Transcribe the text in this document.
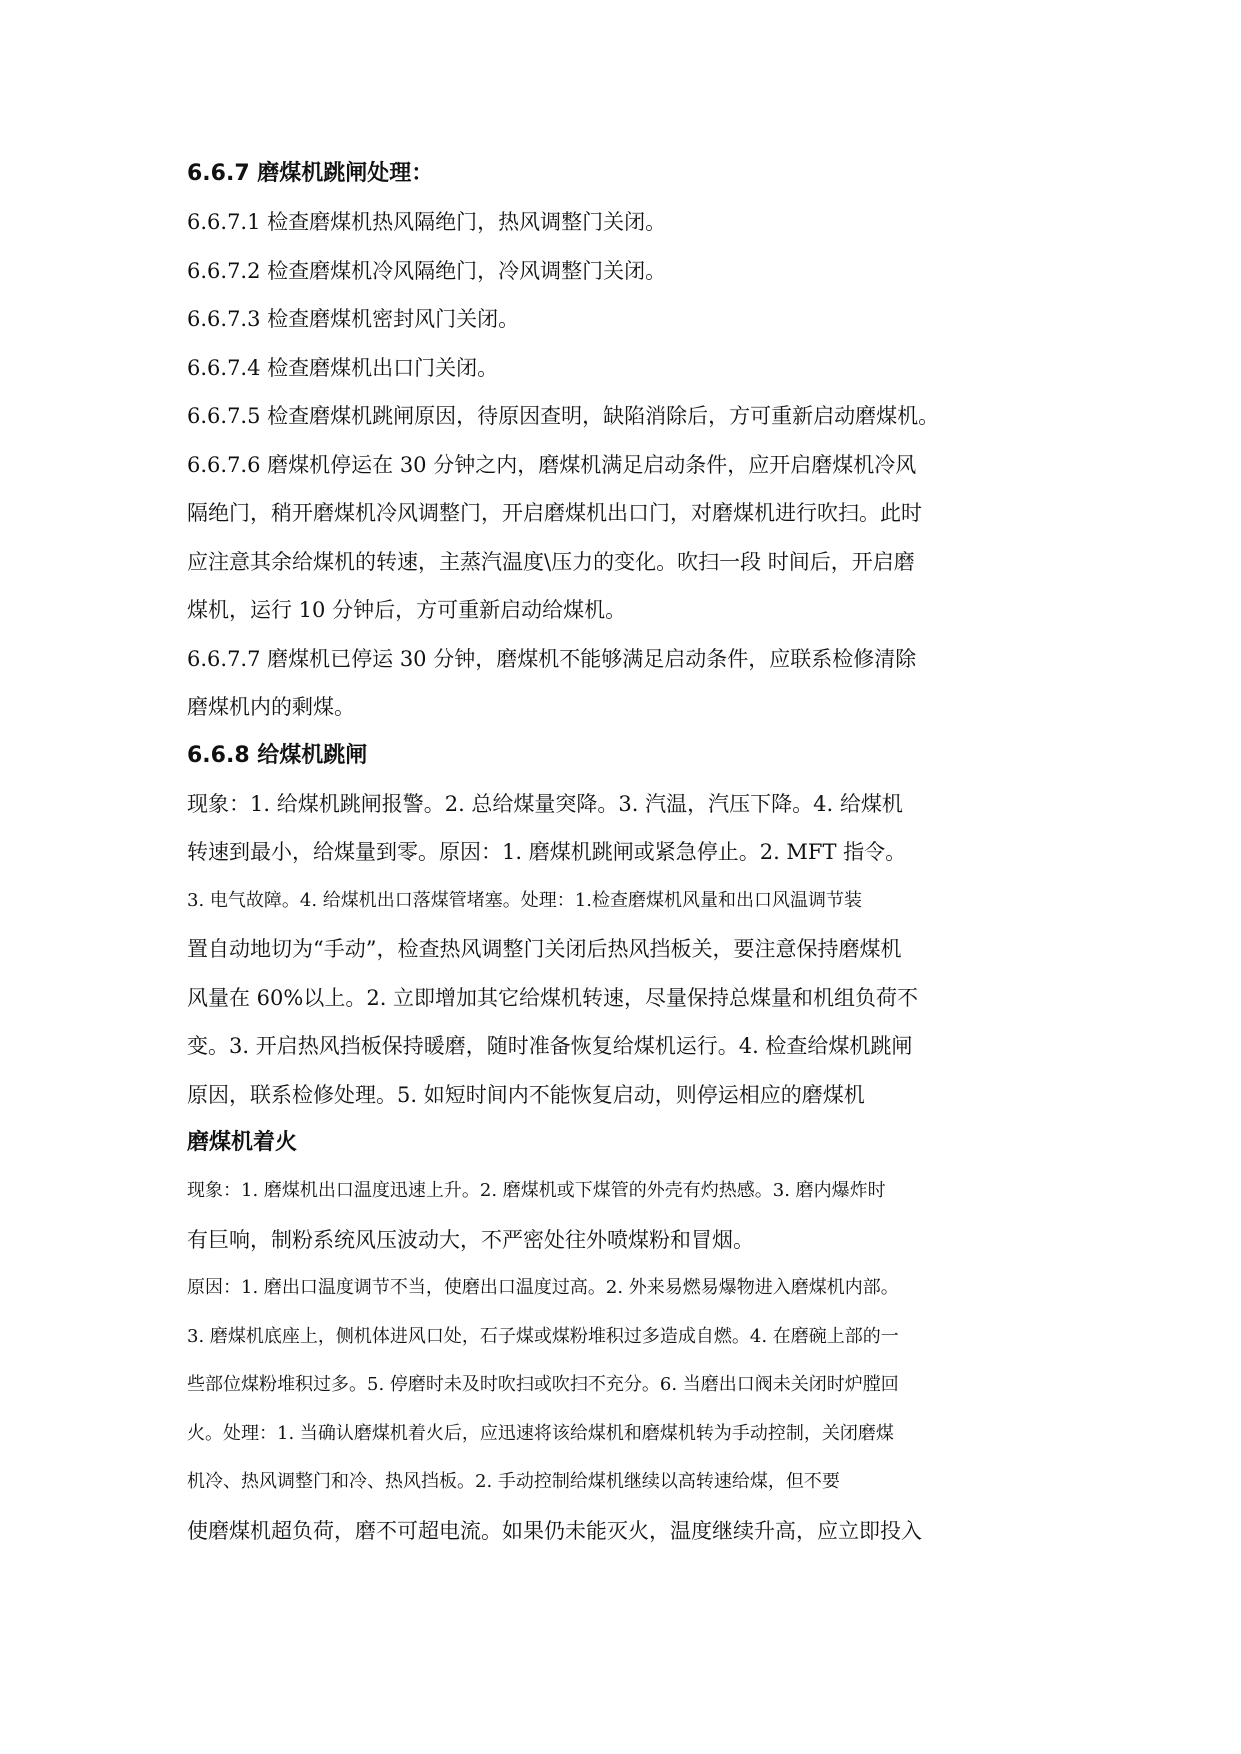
6.6.7 磨煤机跳闸处理：
6.6.7.1 检查磨煤机热风隔绝门，热风调整门关闭。
6.6.7.2 检查磨煤机冷风隔绝门，冷风调整门关闭。
6.6.7.3 检查磨煤机密封风门关闭。
6.6.7.4 检查磨煤机出口门关闭。
6.6.7.5 检查磨煤机跳闸原因，待原因查明，缺陷消除后，方可重新启动磨煤机。
6.6.7.6 磨煤机停运在 30 分钟之内，磨煤机满足启动条件，应开启磨煤机冷风
隔绝门，稍开磨煤机冷风调整门，开启磨煤机出口门，对磨煤机进行吹扫。此时
应注意其余给煤机的转速，主蒸汽温度\压力的变化。吹扫一段 时间后，开启磨
煤机，运行 10 分钟后，方可重新启动给煤机。
6.6.7.7 磨煤机已停运 30 分钟，磨煤机不能够满足启动条件，应联系检修清除
磨煤机内的剩煤。
6.6.8 给煤机跳闸
现象：1. 给煤机跳闸报警。2. 总给煤量突降。3. 汽温，汽压下降。4. 给煤机
转速到最小，给煤量到零。原因：1. 磨煤机跳闸或紧急停止。2. MFT 指令。
3. 电气故障。4. 给煤机出口落煤管堵塞。处理：1.检查磨煤机风量和出口风温调节装
置自动地切为“手动”，检查热风调整门关闭后热风挡板关，要注意保持磨煤机
风量在 60%以上。2. 立即增加其它给煤机转速，尽量保持总煤量和机组负荷不
变。3. 开启热风挡板保持暖磨，随时准备恢复给煤机运行。4. 检查给煤机跳闸
原因，联系检修处理。5. 如短时间内不能恢复启动，则停运相应的磨煤机
磨煤机着火
现象：1. 磨煤机出口温度迅速上升。2. 磨煤机或下煤管的外壳有灼热感。3. 磨内爆炸时
有巨响，制粉系统风压波动大，不严密处往外喷煤粉和冒烟。
原因：1. 磨出口温度调节不当，使磨出口温度过高。2. 外来易燃易爆物进入磨煤机内部。
3. 磨煤机底座上，侧机体进风口处，石子煤或煤粉堆积过多造成自燃。4. 在磨碗上部的一
些部位煤粉堆积过多。5. 停磨时未及时吹扫或吹扫不充分。6. 当磨出口阀未关闭时炉膛回
火。处理：1. 当确认磨煤机着火后，应迅速将该给煤机和磨煤机转为手动控制，关闭磨煤
机冷、热风调整门和冷、热风挡板。2. 手动控制给煤机继续以高转速给煤，但不要
使磨煤机超负荷，磨不可超电流。如果仍未能灭火，温度继续升高，应立即投入
